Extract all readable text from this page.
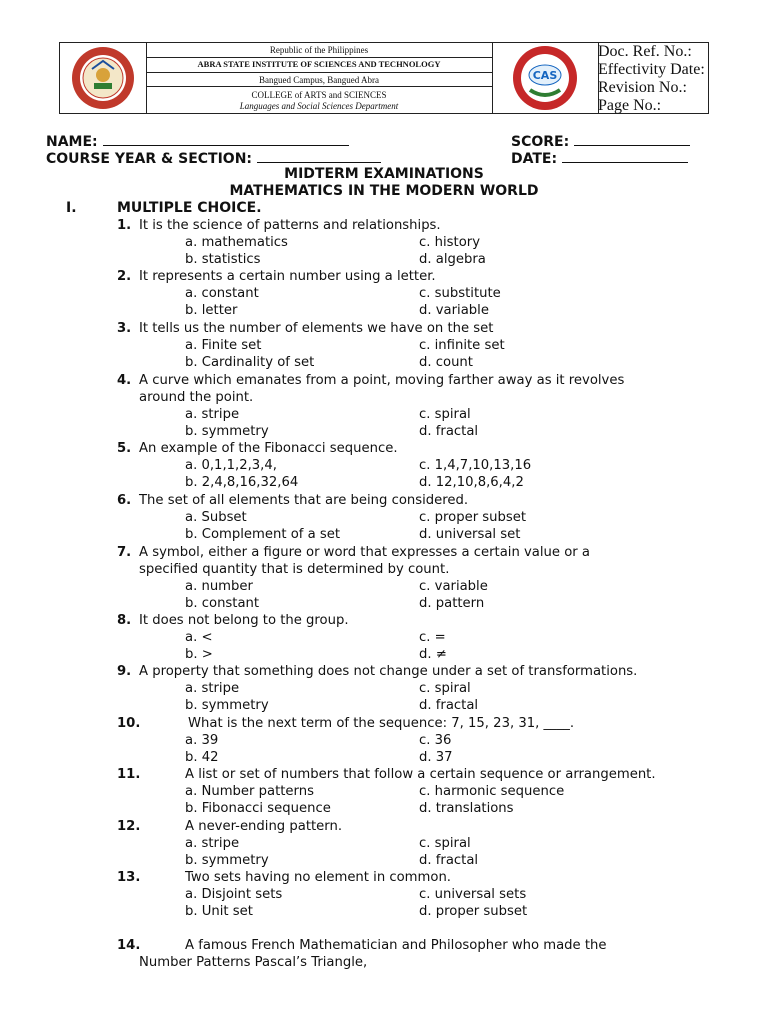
Republic of the Philippines
ABRA STATE INSTITUTE OF SCIENCES AND TECHNOLOGY
Bangued Campus, Bangued Abra
COLLEGE of ARTS and SCIENCES
Languages and Social Sciences Department
CAS
Doc. Ref. No.:
Effectivity Date:
Revision No.:
Page No.:
NAME:	SCORE:
COURSE YEAR & SECTION:	DATE:
MIDTERM EXAMINATIONS
MATHEMATICS IN THE MODERN WORLD
I.	MULTIPLE CHOICE.
1. It is the science of patterns and relationships.
a. mathematics	c. history
b. statistics	d. algebra
2. It represents a certain number using a letter.
a. constant	c. substitute
b. letter	d. variable
3. It tells us the number of elements we have on the set
a. Finite set	c. infinite set
b. Cardinality of set	d. count
4. A curve which emanates from a point, moving farther away as it revolves
around the point.
a. stripe	c. spiral
b. symmetry	d. fractal
5. An example of the Fibonacci sequence.
a. 0,1,1,2,3,4,	c. 1,4,7,10,13,16
b. 2,4,8,16,32,64	d. 12,10,8,6,4,2
6. The set of all elements that are being considered.
a. Subset	c. proper subset
b. Complement of a set	d. universal set
7. A symbol, either a figure or word that expresses a certain value or a
specified quantity that is determined by count.
a. number	c. variable
b. constant	d. pattern
8. It does not belong to the group.
a. <	c. =
b. >	d. ≠
9. A property that something does not change under a set of transformations.
a. stripe	c. spiral
b. symmetry	d. fractal
10.	What is the next term of the sequence: 7, 15, 23, 31, ____.
a. 39	c. 36
b. 42	d. 37
11.	A list or set of numbers that follow a certain sequence or arrangement.
a. Number patterns	c. harmonic sequence
b. Fibonacci sequence	d. translations
12.	A never-ending pattern.
a. stripe	c. spiral
b. symmetry	d. fractal
13.	Two sets having no element in common.
a. Disjoint sets	c. universal sets
b. Unit set	d. proper subset
14.	A famous French Mathematician and Philosopher who made the
Number Patterns Pascal’s Triangle,
